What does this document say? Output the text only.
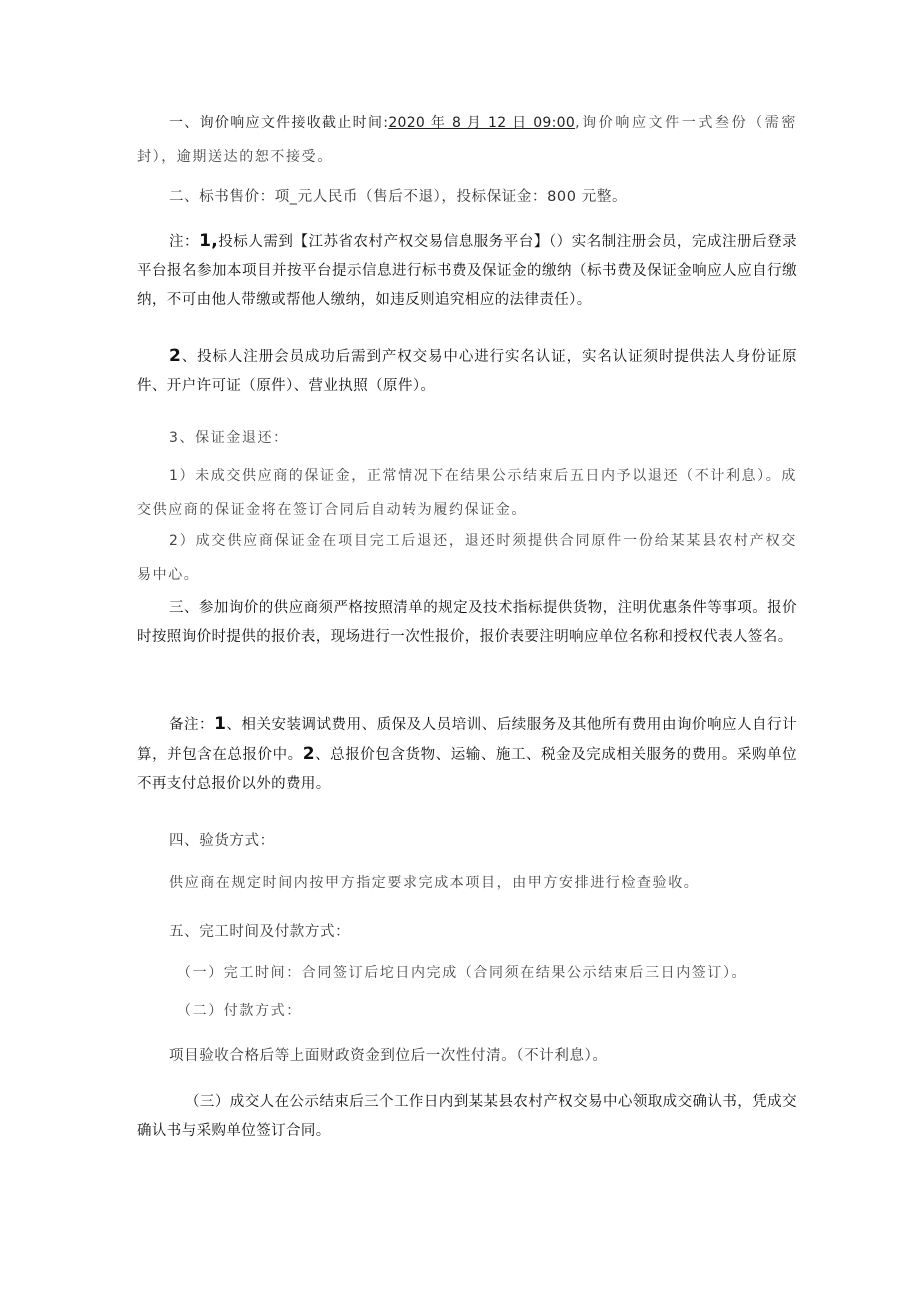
一、询价响应文件接收截止时间:2020 年 8 月 12 日 09:00,询价响应文件一式叁份（需密封），逾期送达的恕不接受。

二、标书售价：项_元人民币（售后不退），投标保证金：800 元整。

注：1,投标人需到【江苏省农村产权交易信息服务平台】（）实名制注册会员，完成注册后登录平台报名参加本项目并按平台提示信息进行标书费及保证金的缴纳（标书费及保证金响应人应自行缴纳，不可由他人带缴或帮他人缴纳，如违反则追究相应的法律责任）。

2、投标人注册会员成功后需到产权交易中心进行实名认证，实名认证须时提供法人身份证原件、开户许可证（原件）、营业执照（原件）。

3、保证金退还：

1）未成交供应商的保证金，正常情况下在结果公示结束后五日内予以退还（不计利息）。成交供应商的保证金将在签订合同后自动转为履约保证金。

2）成交供应商保证金在项目完工后退还，退还时须提供合同原件一份给某某县农村产权交易中心。

三、参加询价的供应商须严格按照清单的规定及技术指标提供货物，注明优惠条件等事项。报价时按照询价时提供的报价表，现场进行一次性报价，报价表要注明响应单位名称和授权代表人签名。

备注：1、相关安装调试费用、质保及人员培训、后续服务及其他所有费用由询价响应人自行计算，并包含在总报价中。2、总报价包含货物、运输、施工、税金及完成相关服务的费用。采购单位不再支付总报价以外的费用。

四、验货方式：

供应商在规定时间内按甲方指定要求完成本项目，由甲方安排进行检查验收。

五、完工时间及付款方式：

（一）完工时间：合同签订后坨日内完成（合同须在结果公示结束后三日内签订）。

（二）付款方式：

项目验收合格后等上面财政资金到位后一次性付清。（不计利息）。

（三）成交人在公示结束后三个工作日内到某某县农村产权交易中心领取成交确认书，凭成交确认书与采购单位签订合同。
